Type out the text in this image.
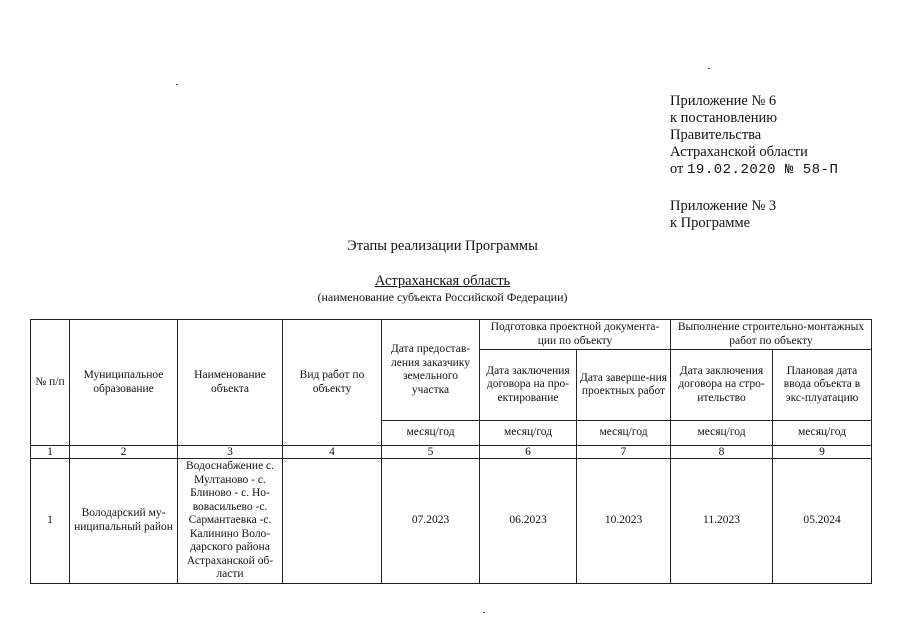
Приложение № 6
к постановлению
Правительства
Астраханской области
от 19.02.2020 № 58-П
Приложение № 3
к Программе
Этапы реализации Программы
Астраханская область
(наименование субъекта Российской Федерации)
№ п/п	Муниципальное образование	Наименование объекта	Вид работ по объекту	Дата предостав-ления заказчику земельного участка	Подготовка проектной документа-ции по объекту		Выполнение строительно-монтажных работ по объекту	
					Дата заключения договора на про-ектирование	Дата заверше-ния проектных работ	Дата заключения договора на стро-ительство	Плановая дата ввода объекта в экс-плуатацию
				месяц/год	месяц/год	месяц/год	месяц/год	месяц/год
1	2	3	4	5	6	7	8	9
1	Володарский му-ниципальный район	Водоснабжение с. Мултаново - с. Блиново - с. Но-вовасильево -с. Сармантаевка -с. Калинино Воло-дарского района Астраханской об-ласти		07.2023	06.2023	10.2023	11.2023	05.2024
